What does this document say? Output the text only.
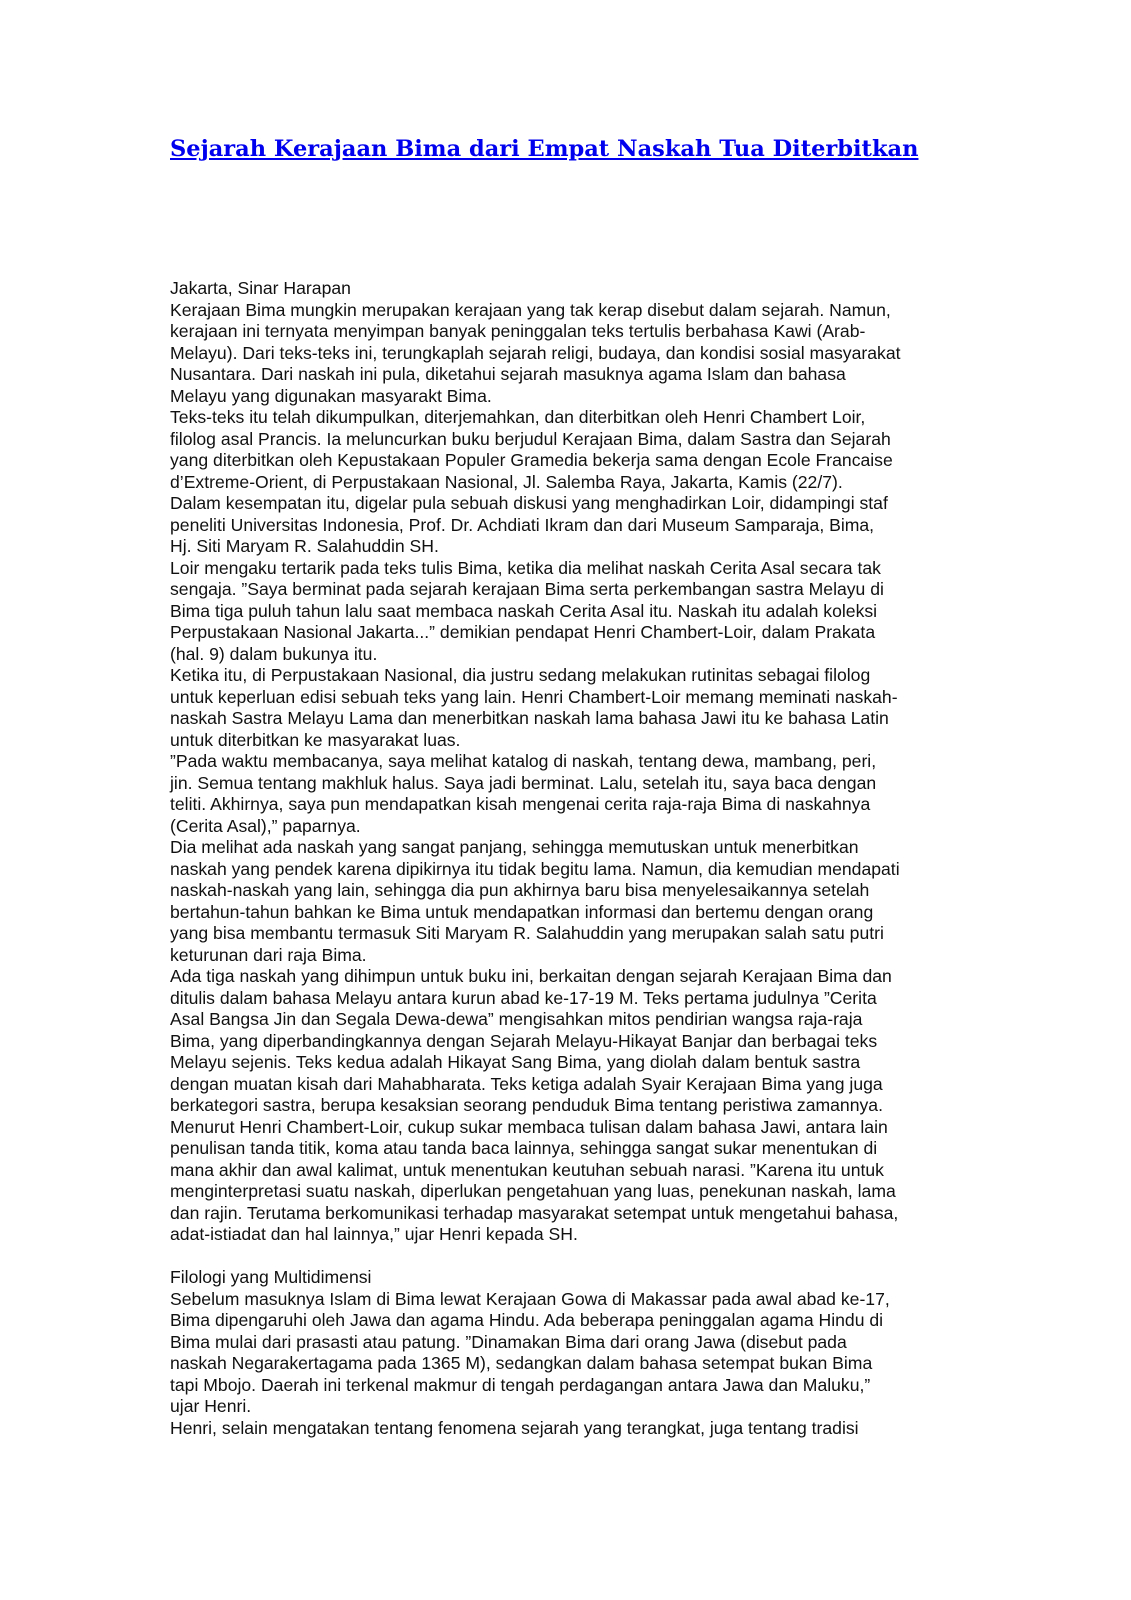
Sejarah Kerajaan Bima dari Empat Naskah Tua Diterbitkan
Jakarta, Sinar Harapan
Kerajaan Bima mungkin merupakan kerajaan yang tak kerap disebut dalam sejarah. Namun,
kerajaan ini ternyata menyimpan banyak peninggalan teks tertulis berbahasa Kawi (Arab-
Melayu). Dari teks-teks ini, terungkaplah sejarah religi, budaya, dan kondisi sosial masyarakat
Nusantara. Dari naskah ini pula, diketahui sejarah masuknya agama Islam dan bahasa
Melayu yang digunakan masyarakt Bima.
Teks-teks itu telah dikumpulkan, diterjemahkan, dan diterbitkan oleh Henri Chambert Loir,
filolog asal Prancis. Ia meluncurkan buku berjudul Kerajaan Bima, dalam Sastra dan Sejarah
yang diterbitkan oleh Kepustakaan Populer Gramedia bekerja sama dengan Ecole Francaise
d’Extreme-Orient, di Perpustakaan Nasional, Jl. Salemba Raya, Jakarta, Kamis (22/7).
Dalam kesempatan itu, digelar pula sebuah diskusi yang menghadirkan Loir, didampingi staf
peneliti Universitas Indonesia, Prof. Dr. Achdiati Ikram dan dari Museum Samparaja, Bima,
Hj. Siti Maryam R. Salahuddin SH.
Loir mengaku tertarik pada teks tulis Bima, ketika dia melihat naskah Cerita Asal secara tak
sengaja. ”Saya berminat pada sejarah kerajaan Bima serta perkembangan sastra Melayu di
Bima tiga puluh tahun lalu saat membaca naskah Cerita Asal itu. Naskah itu adalah koleksi
Perpustakaan Nasional Jakarta...” demikian pendapat Henri Chambert-Loir, dalam Prakata
(hal. 9) dalam bukunya itu.
Ketika itu, di Perpustakaan Nasional, dia justru sedang melakukan rutinitas sebagai filolog
untuk keperluan edisi sebuah teks yang lain. Henri Chambert-Loir memang meminati naskah-
naskah Sastra Melayu Lama dan menerbitkan naskah lama bahasa Jawi itu ke bahasa Latin
untuk diterbitkan ke masyarakat luas.
”Pada waktu membacanya, saya melihat katalog di naskah, tentang dewa, mambang, peri,
jin. Semua tentang makhluk halus. Saya jadi berminat. Lalu, setelah itu, saya baca dengan
teliti. Akhirnya, saya pun mendapatkan kisah mengenai cerita raja-raja Bima di naskahnya
(Cerita Asal),” paparnya.
Dia melihat ada naskah yang sangat panjang, sehingga memutuskan untuk menerbitkan
naskah yang pendek karena dipikirnya itu tidak begitu lama. Namun, dia kemudian mendapati
naskah-naskah yang lain, sehingga dia pun akhirnya baru bisa menyelesaikannya setelah
bertahun-tahun bahkan ke Bima untuk mendapatkan informasi dan bertemu dengan orang
yang bisa membantu termasuk Siti Maryam R. Salahuddin yang merupakan salah satu putri
keturunan dari raja Bima.
Ada tiga naskah yang dihimpun untuk buku ini, berkaitan dengan sejarah Kerajaan Bima dan
ditulis dalam bahasa Melayu antara kurun abad ke-17-19 M. Teks pertama judulnya ”Cerita
Asal Bangsa Jin dan Segala Dewa-dewa” mengisahkan mitos pendirian wangsa raja-raja
Bima, yang diperbandingkannya dengan Sejarah Melayu-Hikayat Banjar dan berbagai teks
Melayu sejenis. Teks kedua adalah Hikayat Sang Bima, yang diolah dalam bentuk sastra
dengan muatan kisah dari Mahabharata. Teks ketiga adalah Syair Kerajaan Bima yang juga
berkategori sastra, berupa kesaksian seorang penduduk Bima tentang peristiwa zamannya.
Menurut Henri Chambert-Loir, cukup sukar membaca tulisan dalam bahasa Jawi, antara lain
penulisan tanda titik, koma atau tanda baca lainnya, sehingga sangat sukar menentukan di
mana akhir dan awal kalimat, untuk menentukan keutuhan sebuah narasi. ”Karena itu untuk
menginterpretasi suatu naskah, diperlukan pengetahuan yang luas, penekunan naskah, lama
dan rajin. Terutama berkomunikasi terhadap masyarakat setempat untuk mengetahui bahasa,
adat-istiadat dan hal lainnya,” ujar Henri kepada SH.
Filologi yang Multidimensi
Sebelum masuknya Islam di Bima lewat Kerajaan Gowa di Makassar pada awal abad ke-17,
Bima dipengaruhi oleh Jawa dan agama Hindu. Ada beberapa peninggalan agama Hindu di
Bima mulai dari prasasti atau patung. ”Dinamakan Bima dari orang Jawa (disebut pada
naskah Negarakertagama pada 1365 M), sedangkan dalam bahasa setempat bukan Bima
tapi Mbojo. Daerah ini terkenal makmur di tengah perdagangan antara Jawa dan Maluku,”
ujar Henri.
Henri, selain mengatakan tentang fenomena sejarah yang terangkat, juga tentang tradisi
